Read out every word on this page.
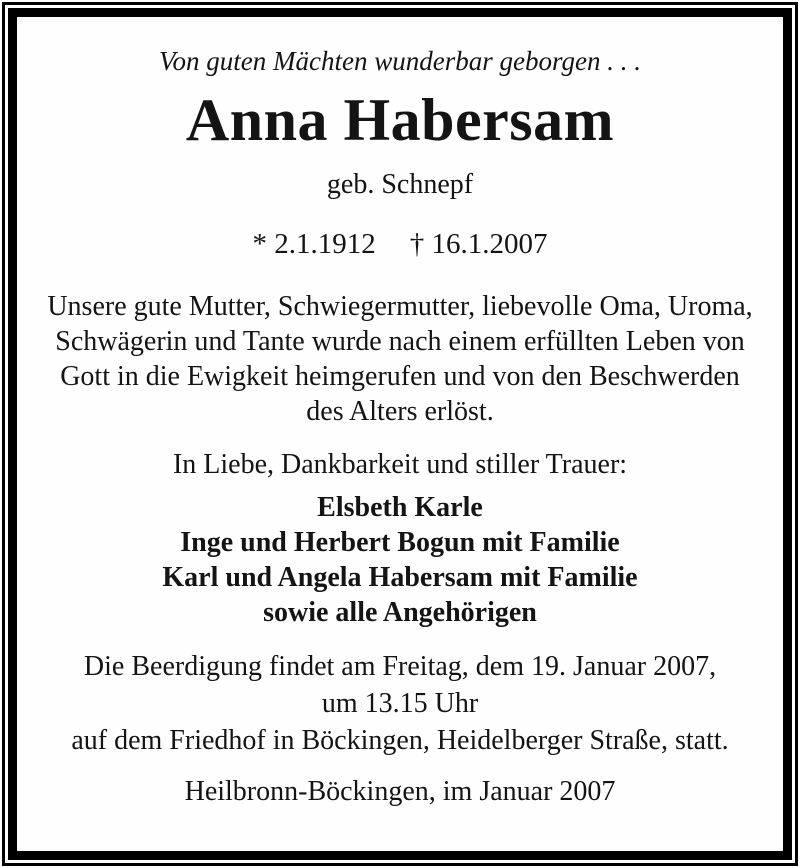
Von guten Mächten wunderbar geborgen . . .
Anna Habersam
geb. Schnepf
* 2.1.1912 † 16.1.2007
Unsere gute Mutter, Schwiegermutter, liebevolle Oma, Uroma,
Schwägerin und Tante wurde nach einem erfüllten Leben von
Gott in die Ewigkeit heimgerufen und von den Beschwerden
des Alters erlöst.
In Liebe, Dankbarkeit und stiller Trauer:
Elsbeth Karle
Inge und Herbert Bogun mit Familie
Karl und Angela Habersam mit Familie
sowie alle Angehörigen
Die Beerdigung findet am Freitag, dem 19. Januar 2007,
um 13.15 Uhr
auf dem Friedhof in Böckingen, Heidelberger Straße, statt.
Heilbronn-Böckingen, im Januar 2007
